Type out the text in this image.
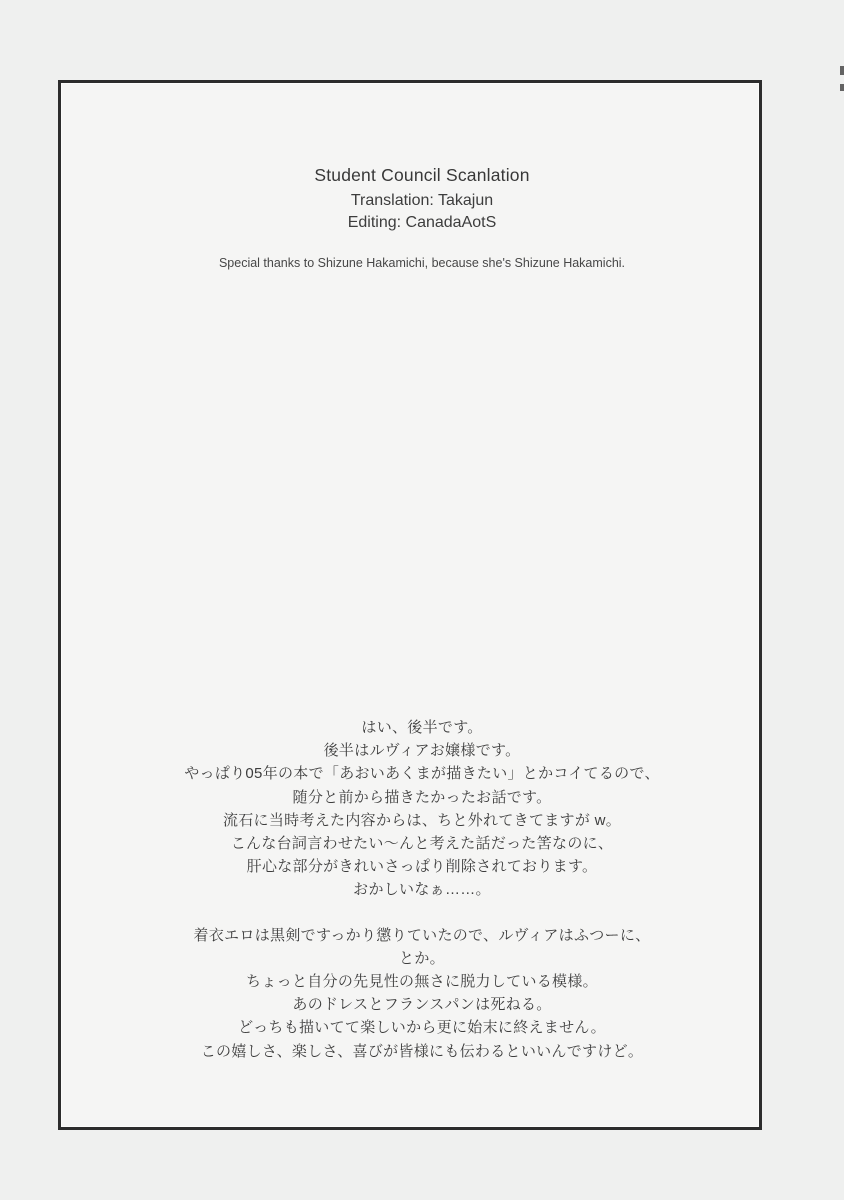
Student Council Scanlation
Translation: Takajun
Editing: CanadaAotS
Special thanks to Shizune Hakamichi, because she's Shizune Hakamichi.
はい、後半です。
後半はルヴィアお嬢様です。
やっぱり05年の本で「あおいあくまが描きたい」とかコイてるので、
随分と前から描きたかったお話です。
流石に当時考えた内容からは、ちと外れてきてますが w。
こんな台詞言わせたい〜んと考えた話だった筈なのに、
肝心な部分がきれいさっぱり削除されております。
おかしいなぁ……。
着衣エロは黒剣ですっかり懲りていたので、ルヴィアはふつーに、
とか。
ちょっと自分の先見性の無さに脱力している模様。
あのドレスとフランスパンは死ねる。
どっちも描いてて楽しいから更に始末に終えません。
この嬉しさ、楽しさ、喜びが皆様にも伝わるといいんですけど。
